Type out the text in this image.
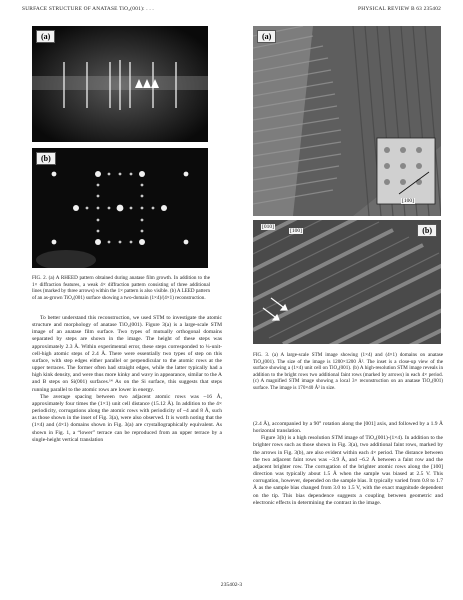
SURFACE STRUCTURE OF ANATASE TiO₂(001): . . .	PHYSICAL REVIEW B 63 235402
(a)
(b)
FIG. 2. (a) A RHEED pattern obtained during anatase film growth. In addition to the 1× diffraction features, a weak 4× diffraction pattern consisting of three additional lines (marked by three arrows) within the 1× pattern is also visible. (b) A LEED pattern of an as-grown TiO₂(001) surface showing a two-domain (1×4)/(4×1) reconstruction.
(a)
[100]
(b)
[010]
[100]
FIG. 3. (a) A large-scale STM image showing (1×4) and (4×1) domains on anatase TiO₂(001). The size of the image is 1200×1200 Å². The inset is a close-up view of the surface showing a (1×4) unit cell on TiO₂(001). (b) A high-resolution STM image reveals in addition to the bright rows two additional faint rows (marked by arrows) in each 4× period. (c) A magnified STM image showing a local 3× reconstruction on an anatase TiO₂(001) surface. The image is 170×40 Å² in size.

To better understand this reconstruction, we used STM to investigate the atomic structure and morphology of anatase TiO₂(001). Figure 3(a) is a large-scale STM image of an anatase film surface. Two types of mutually orthogonal domains separated by steps are shown in the image. The height of these steps was approximately 2.3 Å. Within experimental error, these steps corresponded to ¼-unit-cell-high atomic steps of 2.4 Å. There were essentially two types of step on this surface, with step edges either parallel or perpendicular to the atomic rows at the upper terraces. The former often had straight edges, while the latter typically had a high kink density, and were thus more kinky and wavy in appearance, similar to the A and B steps on Si(001) surfaces.¹⁴ As on the Si surface, this suggests that steps running parallel to the atomic rows are lower in energy.

The average spacing between two adjacent atomic rows was ~16 Å, approximately four times the (1×1) unit cell distance (15.12 Å). In addition to the 4× periodicity, corrugations along the atomic rows with periodicity of ~4 and 8 Å, such as those shown in the inset of Fig. 3(a), were also observed. It is worth noting that the (1×4) and (4×1) domains shown in Fig. 3(a) are crystallographically equivalent. As shown in Fig. 1, a “lower” terrace can be reproduced from an upper terrace by a single-height vertical translation

(2.4 Å), accompanied by a 90° rotation along the [001] axis, and followed by a 1.9 Å horizontal translation.

Figure 3(b) is a high resolution STM image of TiO₂(001)-(1×4). In addition to the brighter rows such as those shown in Fig. 3(a), two additional faint rows, marked by the arrows in Fig. 3(b), are also evident within each 4× period. The distance between the two adjacent faint rows was ~3.9 Å, and ~6.2 Å between a faint row and the adjacent brighter row. The corrugation of the brighter atomic rows along the [100] direction was typically about 1.5 Å when the sample was biased at 2.5 V. This corrugation, however, depended on the sample bias. It typically varied from 0.8 to 1.7 Å as the sample bias changed from 3.0 to 1.5 V, with the exact magnitude dependent on the tip. This bias dependence suggests a coupling between geometric and electronic effects in determining the contrast in the image.

235402-3
